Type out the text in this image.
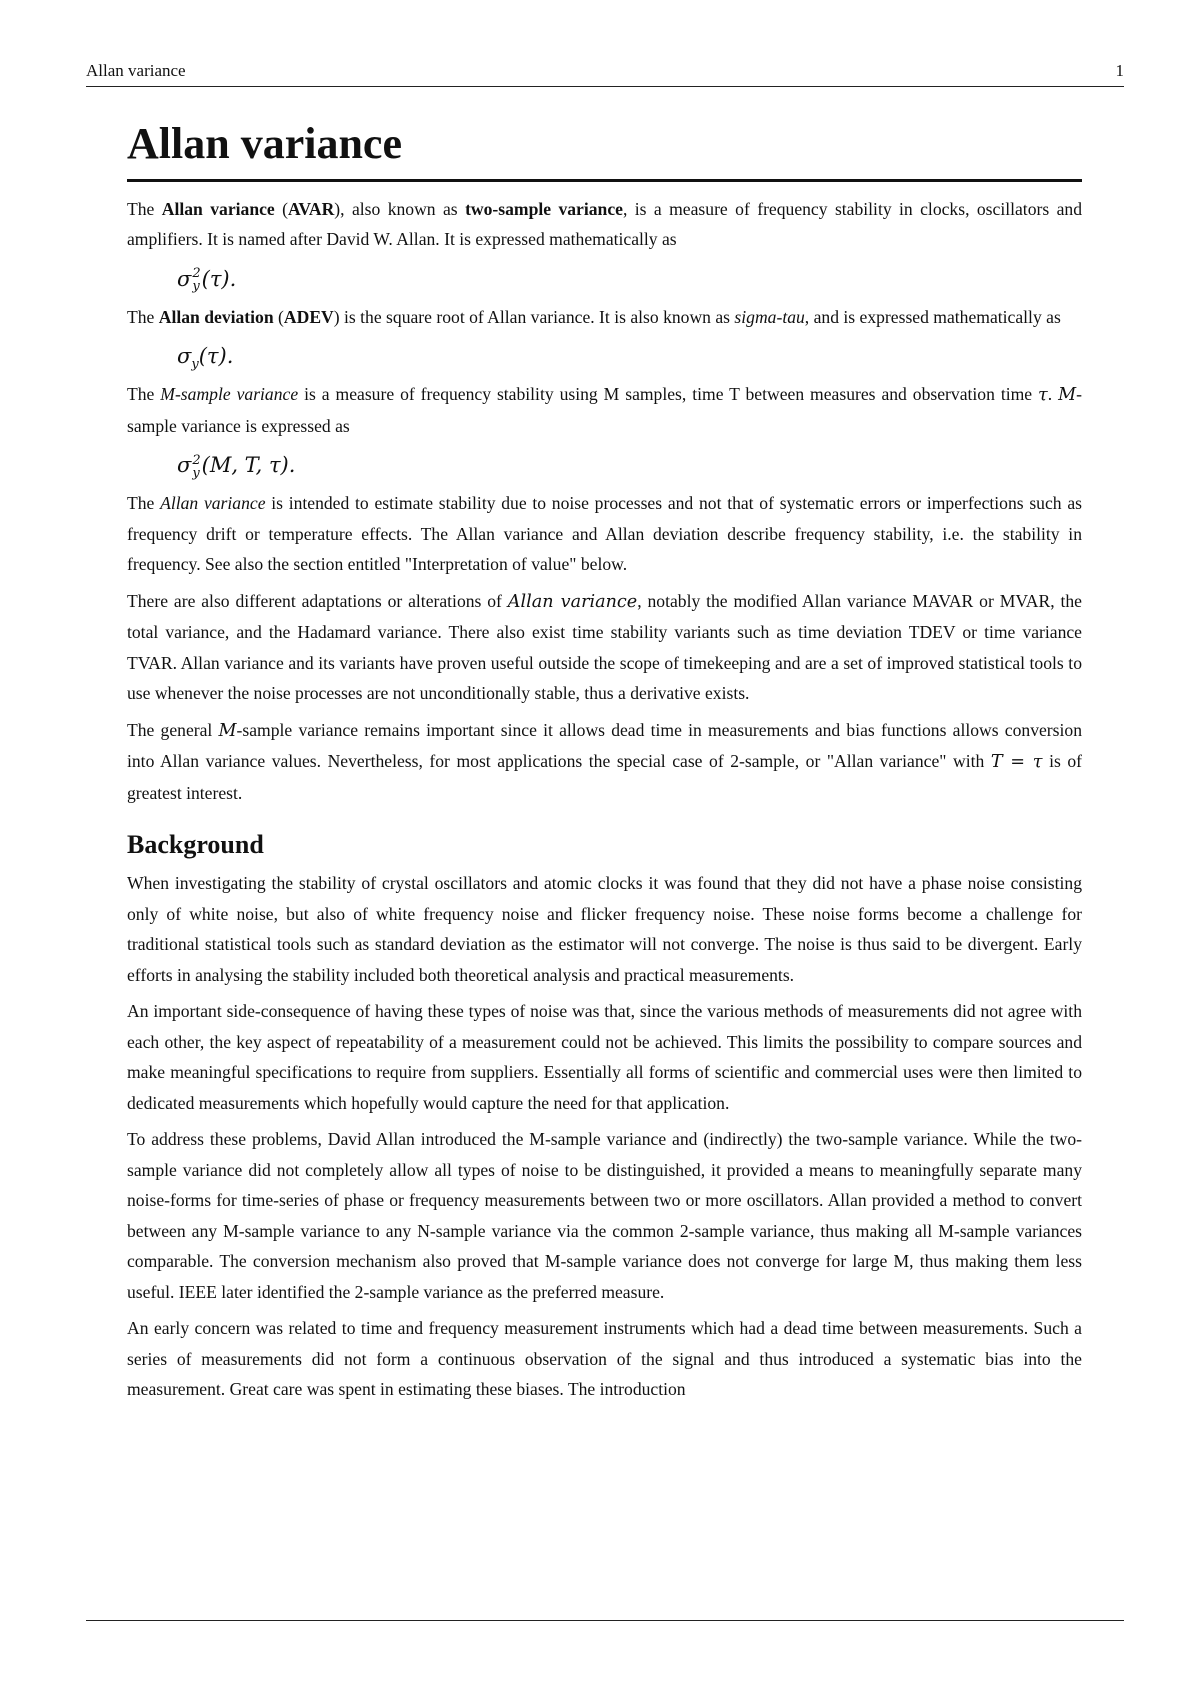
Allan variance	1
Allan variance

The Allan variance (AVAR), also known as two-sample variance, is a measure of frequency stability in clocks, oscillators and amplifiers. It is named after David W. Allan. It is expressed mathematically as

σ 2
y (τ).

The Allan deviation (ADEV) is the square root of Allan variance. It is also known as sigma-tau, and is expressed mathematically as

$\sigma_y(\tau)$.

The M-sample variance is a measure of frequency stability using M samples, time T between measures and observation time τ. M-sample variance is expressed as

σ 2
y (M, T, τ).

The Allan variance is intended to estimate stability due to noise processes and not that of systematic errors or imperfections such as frequency drift or temperature effects. The Allan variance and Allan deviation describe frequency stability, i.e. the stability in frequency. See also the section entitled "Interpretation of value" below.

There are also different adaptations or alterations of Allan variance, notably the modified Allan variance MAVAR or MVAR, the total variance, and the Hadamard variance. There also exist time stability variants such as time deviation TDEV or time variance TVAR. Allan variance and its variants have proven useful outside the scope of timekeeping and are a set of improved statistical tools to use whenever the noise processes are not unconditionally stable, thus a derivative exists.

The general M-sample variance remains important since it allows dead time in measurements and bias functions allows conversion into Allan variance values. Nevertheless, for most applications the special case of 2-sample, or "Allan variance" with T = τ is of greatest interest.

Background

When investigating the stability of crystal oscillators and atomic clocks it was found that they did not have a phase noise consisting only of white noise, but also of white frequency noise and flicker frequency noise. These noise forms become a challenge for traditional statistical tools such as standard deviation as the estimator will not converge. The noise is thus said to be divergent. Early efforts in analysing the stability included both theoretical analysis and practical measurements.

An important side-consequence of having these types of noise was that, since the various methods of measurements did not agree with each other, the key aspect of repeatability of a measurement could not be achieved. This limits the possibility to compare sources and make meaningful specifications to require from suppliers. Essentially all forms of scientific and commercial uses were then limited to dedicated measurements which hopefully would capture the need for that application.

To address these problems, David Allan introduced the M-sample variance and (indirectly) the two-sample variance. While the two-sample variance did not completely allow all types of noise to be distinguished, it provided a means to meaningfully separate many noise-forms for time-series of phase or frequency measurements between two or more oscillators. Allan provided a method to convert between any M-sample variance to any N-sample variance via the common 2-sample variance, thus making all M-sample variances comparable. The conversion mechanism also proved that M-sample variance does not converge for large M, thus making them less useful. IEEE later identified the 2-sample variance as the preferred measure.

An early concern was related to time and frequency measurement instruments which had a dead time between measurements. Such a series of measurements did not form a continuous observation of the signal and thus introduced a systematic bias into the measurement. Great care was spent in estimating these biases. The introduction
